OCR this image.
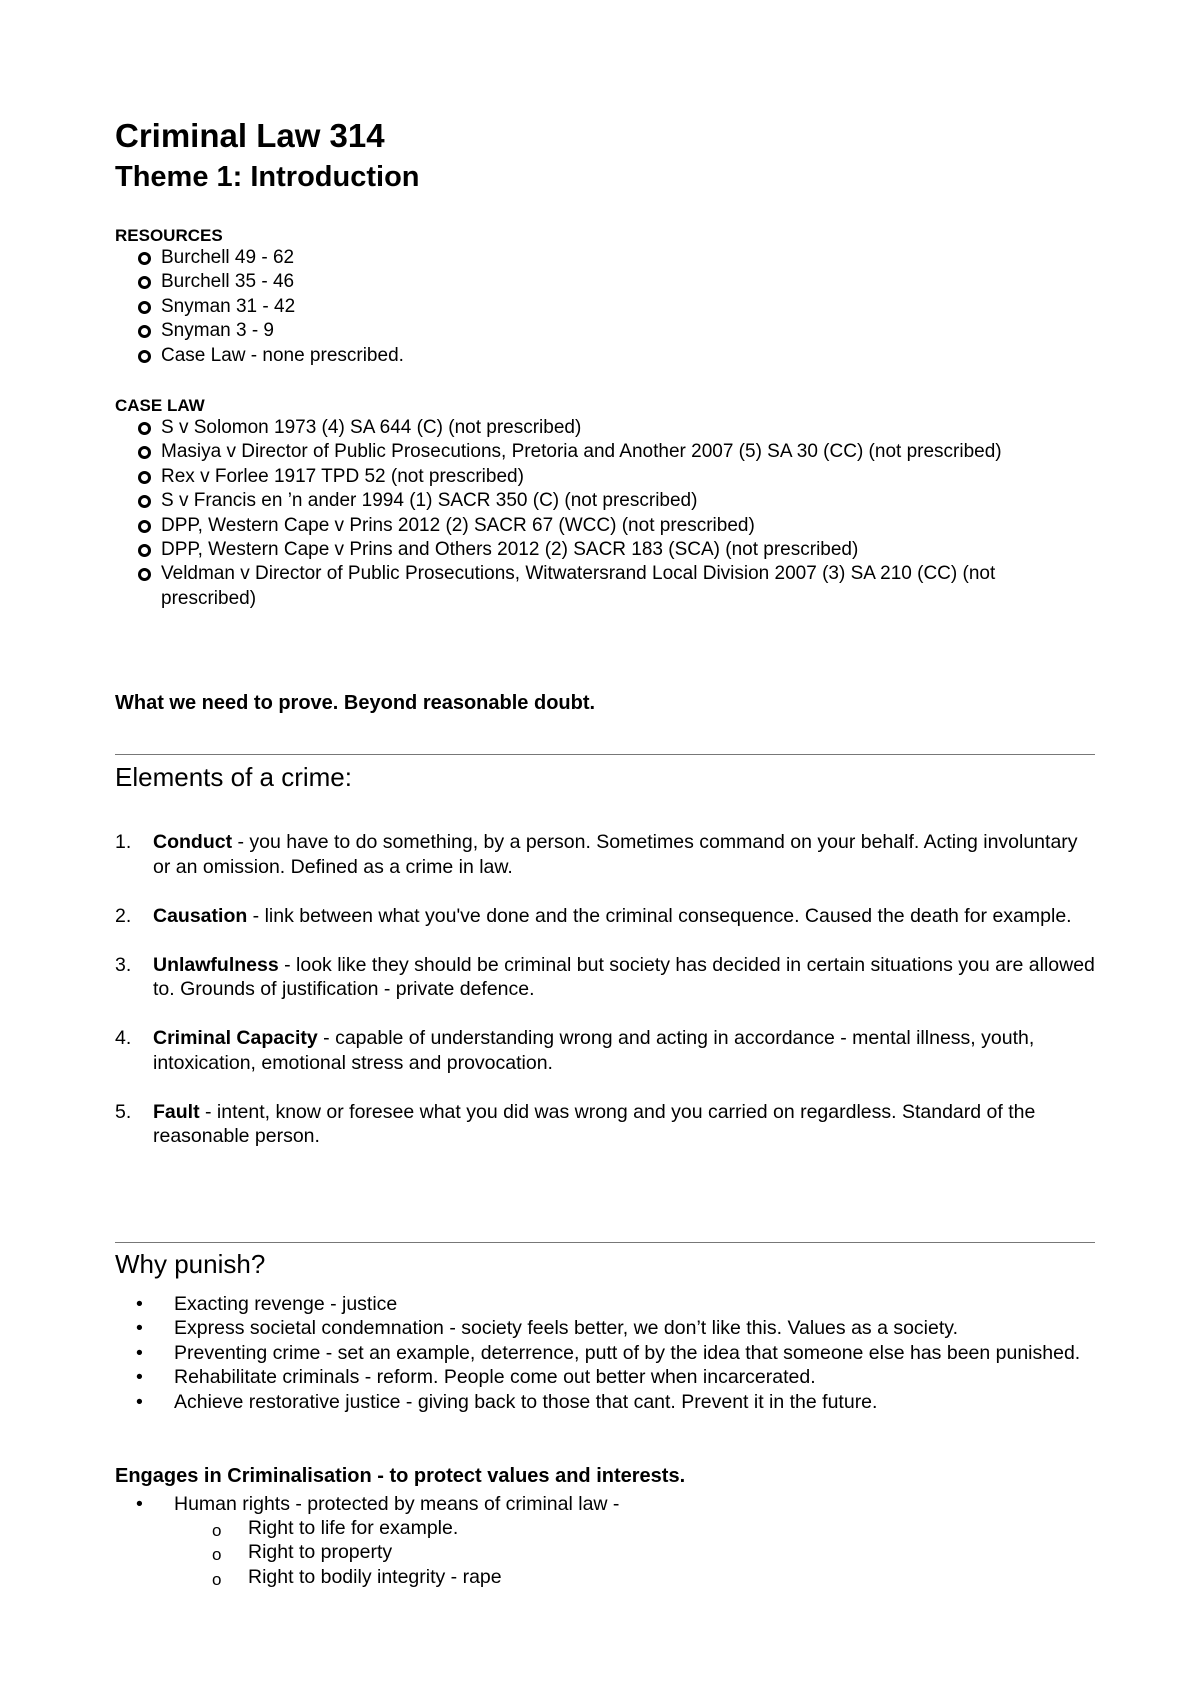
Criminal Law 314
Theme 1: Introduction

RESOURCES

Burchell 49 - 62
Burchell 35 - 46
Snyman 31 - 42
Snyman 3 - 9
Case Law - none prescribed.

CASE LAW

S v Solomon 1973 (4) SA 644 (C) (not prescribed)
Masiya v Director of Public Prosecutions, Pretoria and Another 2007 (5) SA 30 (CC) (not prescribed)
Rex v Forlee 1917 TPD 52 (not prescribed)
S v Francis en ’n ander 1994 (1) SACR 350 (C) (not prescribed)
DPP, Western Cape v Prins 2012 (2) SACR 67 (WCC) (not prescribed)
DPP, Western Cape v Prins and Others 2012 (2) SACR 183 (SCA) (not prescribed)
Veldman v Director of Public Prosecutions, Witwatersrand Local Division 2007 (3) SA 210 (CC) (not prescribed)

What we need to prove. Beyond reasonable doubt.

Elements of a crime:
1. Conduct - you have to do something, by a person. Sometimes command on your behalf. Acting involuntary or an omission. Defined as a crime in law.
2. Causation - link between what you've done and the criminal consequence. Caused the death for example.
3. Unlawfulness - look like they should be criminal but society has decided in certain situations you are allowed to. Grounds of justification - private defence.
4. Criminal Capacity - capable of understanding wrong and acting in accordance - mental illness, youth, intoxication, emotional stress and provocation.
5. Fault - intent, know or foresee what you did was wrong and you carried on regardless. Standard of the reasonable person.
Why punish?
• Exacting revenge - justice
• Express societal condemnation - society feels better, we don’t like this. Values as a society.
• Preventing crime - set an example, deterrence, putt of by the idea that someone else has been punished.
• Rehabilitate criminals - reform. People come out better when incarcerated.
• Achieve restorative justice - giving back to those that cant. Prevent it in the future.

Engages in Criminalisation - to protect values and interests.

• Human rights - protected by means of criminal law -
o Right to life for example.
o Right to property
o Right to bodily integrity - rape
